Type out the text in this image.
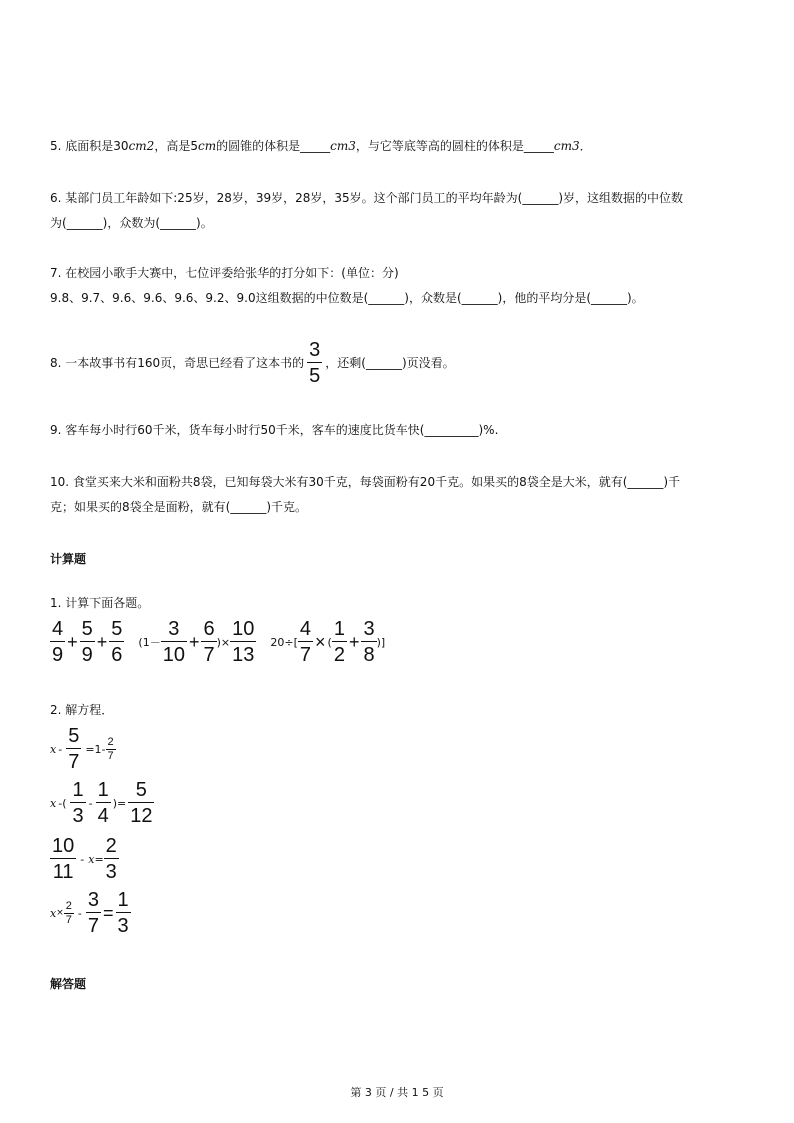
5. 底面积是30cm2，高是5cm的圆锥的体积是_____cm3，与它等底等高的圆柱的体积是_____cm3．
6. 某部门员工年龄如下:25岁，28岁，39岁，28岁，35岁。这个部门员工的平均年龄为(______)岁，这组数据的中位数
为(______)，众数为(______)。
7. 在校园小歌手大赛中，七位评委给张华的打分如下：(单位：分)
9.8、9.7、9.6、9.6、9.6、9.2、9.0这组数据的中位数是(______)，众数是(______)，他的平均分是(______)。
8. 一本故事书有160页，奇思已经看了这本书的 $\frac{3}{5}$ ，还剩(______)页没看。
9. 客车每小时行60千米，货车每小时行50千米，客车的速度比货车快(_________)%.
10. 食堂买来大米和面粉共8袋，已知每袋大米有30千克，每袋面粉有20千克。如果买的8袋全是大米，就有(______)千
克；如果买的8袋全是面粉，就有(______)千克。
计算题
1. 计算下面各题。
$\frac{4}{9} + \frac{5}{9} + \frac{5}{6} (1- \frac{3}{10} + \frac{6}{7}$ )× $\frac{10}{13} 20\div[ \frac{4}{7}$ × ( $\frac{1}{2} + \frac{3}{8}$ )]
2. 解方程．
$x - \frac{5}{7} =1- \frac{2}{7}$
x -( $\frac{1}{3} - \frac{1}{4}$ )= $\frac{5}{12}$
$\frac{10}{11} - x = \frac{2}{3}$
$x \times \frac{2}{7} - \frac{3}{7} = \frac{1}{3}$
解答题
第 3 页 / 共 1 5 页
